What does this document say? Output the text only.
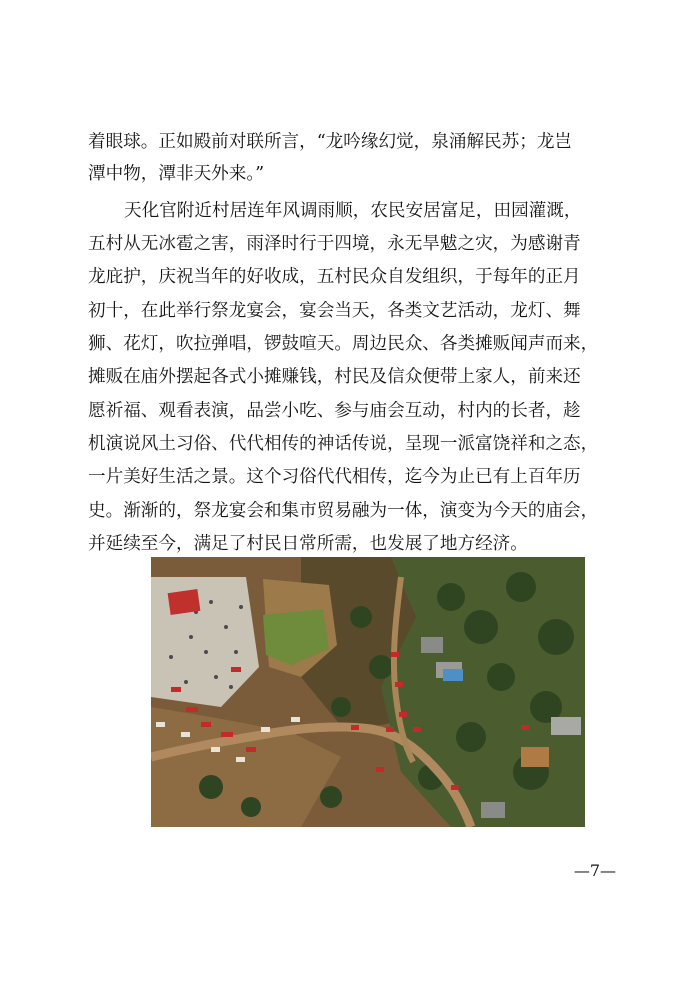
着眼球。正如殿前对联所言，“龙吟缘幻觉，泉涌解民苏；龙岂
潭中物，潭非天外来。”
天化官附近村居连年风调雨顺，农民安居富足，田园灌溉，
五村从无冰雹之害，雨泽时行于四境，永无旱魃之灾，为感谢青
龙庇护，庆祝当年的好收成，五村民众自发组织，于每年的正月
初十，在此举行祭龙宴会，宴会当天，各类文艺活动，龙灯、舞
狮、花灯，吹拉弹唱，锣鼓喧天。周边民众、各类摊贩闻声而来，
摊贩在庙外摆起各式小摊赚钱，村民及信众便带上家人，前来还
愿祈福、观看表演，品尝小吃、参与庙会互动，村内的长者，趁
机演说风土习俗、代代相传的神话传说，呈现一派富饶祥和之态，
一片美好生活之景。这个习俗代代相传，迄今为止已有上百年历
史。渐渐的，祭龙宴会和集市贸易融为一体，演变为今天的庙会，
并延续至今，满足了村民日常所需，也发展了地方经济。
—7—
